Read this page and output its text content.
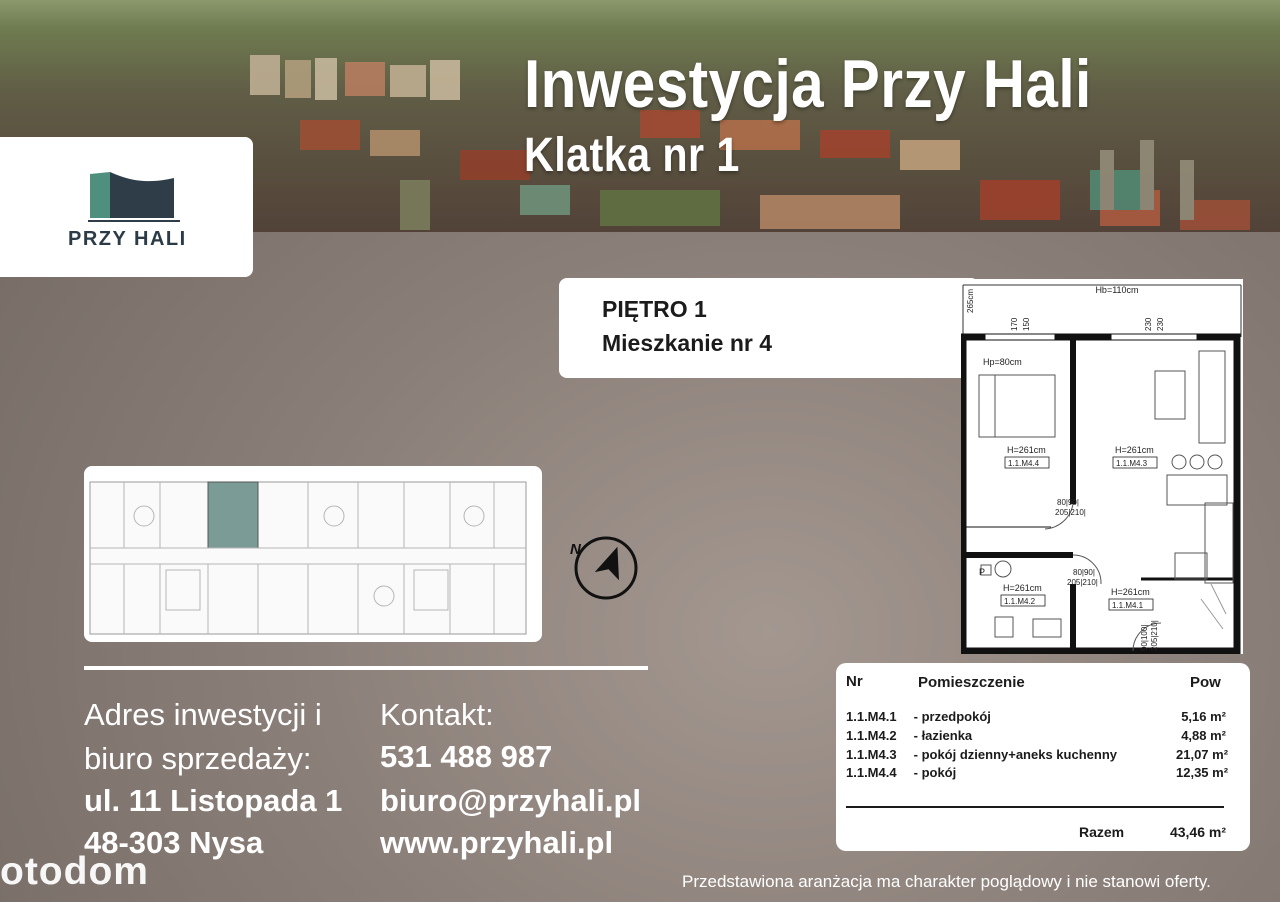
Inwestycja Przy Hali
Klatka nr 1
PRZY HALI
PIĘTRO 1
Mieszkanie nr 4
Hb=110cm
265cm
170 150	230 230
Hp=80cm
H=261cm
1.1.M4.4
H=261cm
1.1.M4.3
H=261cm
1.1.M4.2
H=261cm
1.1.M4.1
80|90|
205|210|
80|90|
205|210|
90|100| 205|210|
P
N
Adres inwestycji i
biuro sprzedaży:
ul. 11 Listopada 1
48-303 Nysa
Kontakt:
531 488 987
biuro@przyhali.pl
www.przyhali.pl
Nr	Pomieszczenie	Pow
1.1.M4.1 - przedpokój	5,16 m²
1.1.M4.2 - łazienka	4,88 m²
1.1.M4.3 - pokój dzienny+aneks kuchenny	21,07 m²
1.1.M4.4 - pokój	12,35 m²
Razem	43,46 m²
Przedstawiona aranżacja ma charakter poglądowy i nie stanowi oferty.
otodom
